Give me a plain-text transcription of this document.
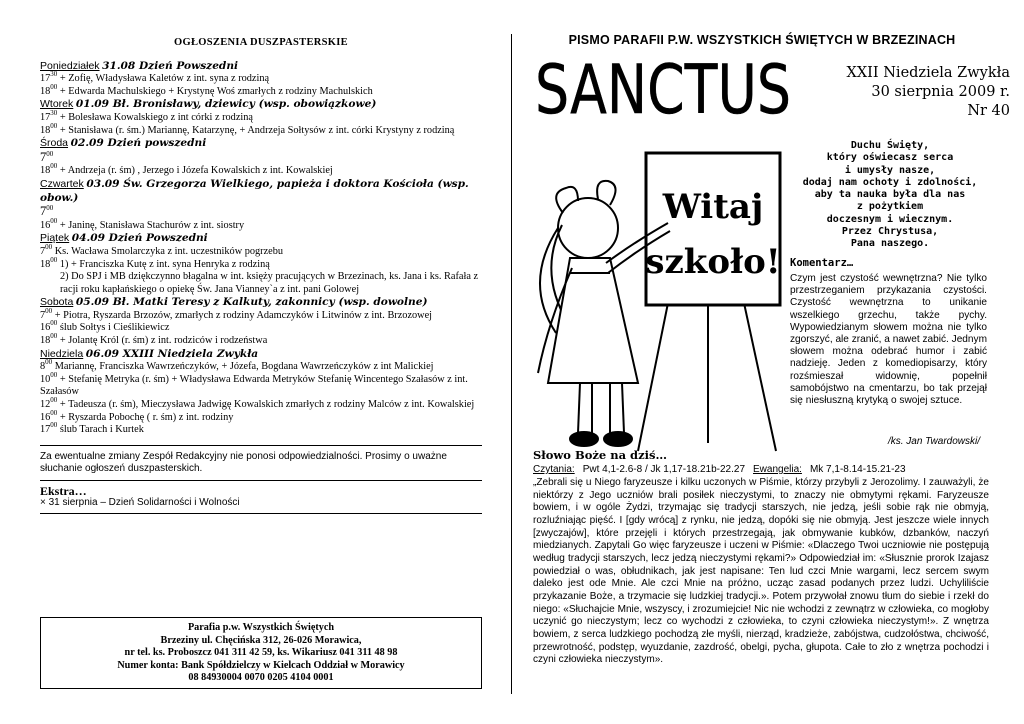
OGŁOSZENIA DUSZPASTERSKIE
Poniedziałek 31.08 Dzień Powszedni
$17^{30}$ + Zofię, Władysława Kaletów z int. syna z rodziną
$18^{00}$ + Edwarda Machulskiego + Krystynę Woś zmarłych z rodziny Machulskich
Wtorek 01.09 Bł. Bronisławy, dziewicy (wsp. obowiązkowe)
$17^{30}$ + Bolesława Kowalskiego z int córki z rodziną
$18^{00}$ + Stanisława (r. śm.) Mariannę, Katarzynę, + Andrzeja Sołtysów z int. córki Krystyny z rodziną
Środa 02.09 Dzień powszedni
$7^{00}$
$18^{00}$ + Andrzeja (r. śm) , Jerzego i Józefa Kowalskich z int. Kowalskiej
Czwartek 03.09 Św. Grzegorza Wielkiego, papieża i doktora Kościoła (wsp. obow.)
$7^{00}$
$16^{00}$ + Janinę, Stanisława Stachurów z int. siostry
Piątek 04.09 Dzień Powszedni
$7^{00}$ Ks. Wacława Smolarczyka z int. uczestników pogrzebu
$18^{00}$ 1) + Franciszka Kutę z int. syna Henryka z rodziną
2) Do SPJ i MB dziękczynno błagalna w int. księży pracujących w Brzezinach, ks. Jana i ks. Rafała z racji roku kapłańskiego o opiekę Św. Jana Vianney`a z int. pani Golowej
Sobota 05.09 Bł. Matki Teresy z Kalkuty, zakonnicy (wsp. dowolne)
$7^{00}$ + Piotra, Ryszarda Brzozów, zmarłych z rodziny Adamczyków i Litwinów z int. Brzozowej
$16^{00}$ ślub Sołtys i Cieślikiewicz
$18^{00}$ + Jolantę Król (r. śm) z int. rodziców i rodzeństwa
Niedziela 06.09 XXIII Niedziela Zwykła
$8^{00}$ Mariannę, Franciszka Wawrzeńczyków, + Józefa, Bogdana Wawrzeńczyków z int Malickiej
$10^{00}$ + Stefanię Metryka (r. śm) + Władysława Edwarda Metryków Stefanię Wincentego Szałasów z int. Szałasów
$12^{00}$ + Tadeusza (r. śm), Mieczysława Jadwigę Kowalskich zmarłych z rodziny Malców z int. Kowalskiej
$16^{00}$ + Ryszarda Pobochę ( r. śm) z int. rodziny
$17^{00}$ ślub Tarach i Kurtek
Za ewentualne zmiany Zespół Redakcyjny nie ponosi odpowiedzialności. Prosimy o uważne słuchanie ogłoszeń duszpasterskich.
Ekstra…
× 31 sierpnia – Dzień Solidarności i Wolności
Parafia p.w. Wszystkich Świętych
Brzeziny ul. Chęcińska 312, 26-026 Morawica,
nr tel. ks. Proboszcz 041 311 42 59, ks. Wikariusz 041 311 48 98
Numer konta: Bank Spółdzielczy w Kielcach Oddział w Morawicy
08 84930004 0070 0205 4104 0001
PISMO PARAFII P.W. WSZYSTKICH ŚWIĘTYCH W BRZEZINACH
SANCTUS	XXII Niedziela Zwykła
30 sierpnia 2009 r.
Nr 40
Witaj
szkoło!
Duchu Święty,
który oświecasz serca
i umysły nasze,
dodaj nam ochoty i zdolności,
aby ta nauka była dla nas
z pożytkiem
doczesnym i wiecznym.
Przez Chrystusa,
Pana naszego.
Komentarz…
Czym jest czystość wewnętrzna? Nie tylko przestrzeganiem przykazania czystości. Czystość wewnętrzna to unikanie wszelkiego grzechu, także pychy. Wypowiedzianym słowem można nie tylko zgorszyć, ale zranić, a nawet zabić. Jednym słowem można odebrać humor i zabić nadzieję. Jeden z komediopisarzy, który rozśmieszał widownię, popełnił samobójstwo na cmentarzu, bo tak przejął się niesłuszną krytyką o swojej sztuce.
/ks. Jan Twardowski/
Słowo Boże na dziś…
Czytania: Pwt 4,1-2.6-8 / Jk 1,17-18.21b-22.27 Ewangelia: Mk 7,1-8.14-15.21-23
„Zebrali się u Niego faryzeusze i kilku uczonych w Piśmie, którzy przybyli z Jerozolimy. I zauważyli, że niektórzy z Jego uczniów brali posiłek nieczystymi, to znaczy nie obmytymi rękami. Faryzeusze bowiem, i w ogóle Żydzi, trzymając się tradycji starszych, nie jedzą, jeśli sobie rąk nie obmyją, rozluźniając pięść. I [gdy wrócą] z rynku, nie jedzą, dopóki się nie obmyją. Jest jeszcze wiele innych [zwyczajów], które przejęli i których przestrzegają, jak obmywanie kubków, dzbanków, naczyń miedzianych. Zapytali Go więc faryzeusze i uczeni w Piśmie: «Dlaczego Twoi uczniowie nie postępują według tradycji starszych, lecz jedzą nieczystymi rękami?» Odpowiedział im: «Słusznie prorok Izajasz powiedział o was, obłudnikach, jak jest napisane: Ten lud czci Mnie wargami, lecz sercem swym daleko jest ode Mnie. Ale czci Mnie na próżno, ucząc zasad podanych przez ludzi. Uchyliliście przykazanie Boże, a trzymacie się ludzkiej tradycji.». Potem przywołał znowu tłum do siebie i rzekł do niego: «Słuchajcie Mnie, wszyscy, i zrozumiejcie! Nic nie wchodzi z zewnątrz w człowieka, co mogłoby uczynić go nieczystym; lecz co wychodzi z człowieka, to czyni człowieka nieczystym!». Z wnętrza bowiem, z serca ludzkiego pochodzą złe myśli, nierząd, kradzieże, zabójstwa, cudzołóstwa, chciwość, przewrotność, podstęp, wyuzdanie, zazdrość, obelgi, pycha, głupota. Całe to zło z wnętrza pochodzi i czyni człowieka nieczystym».
